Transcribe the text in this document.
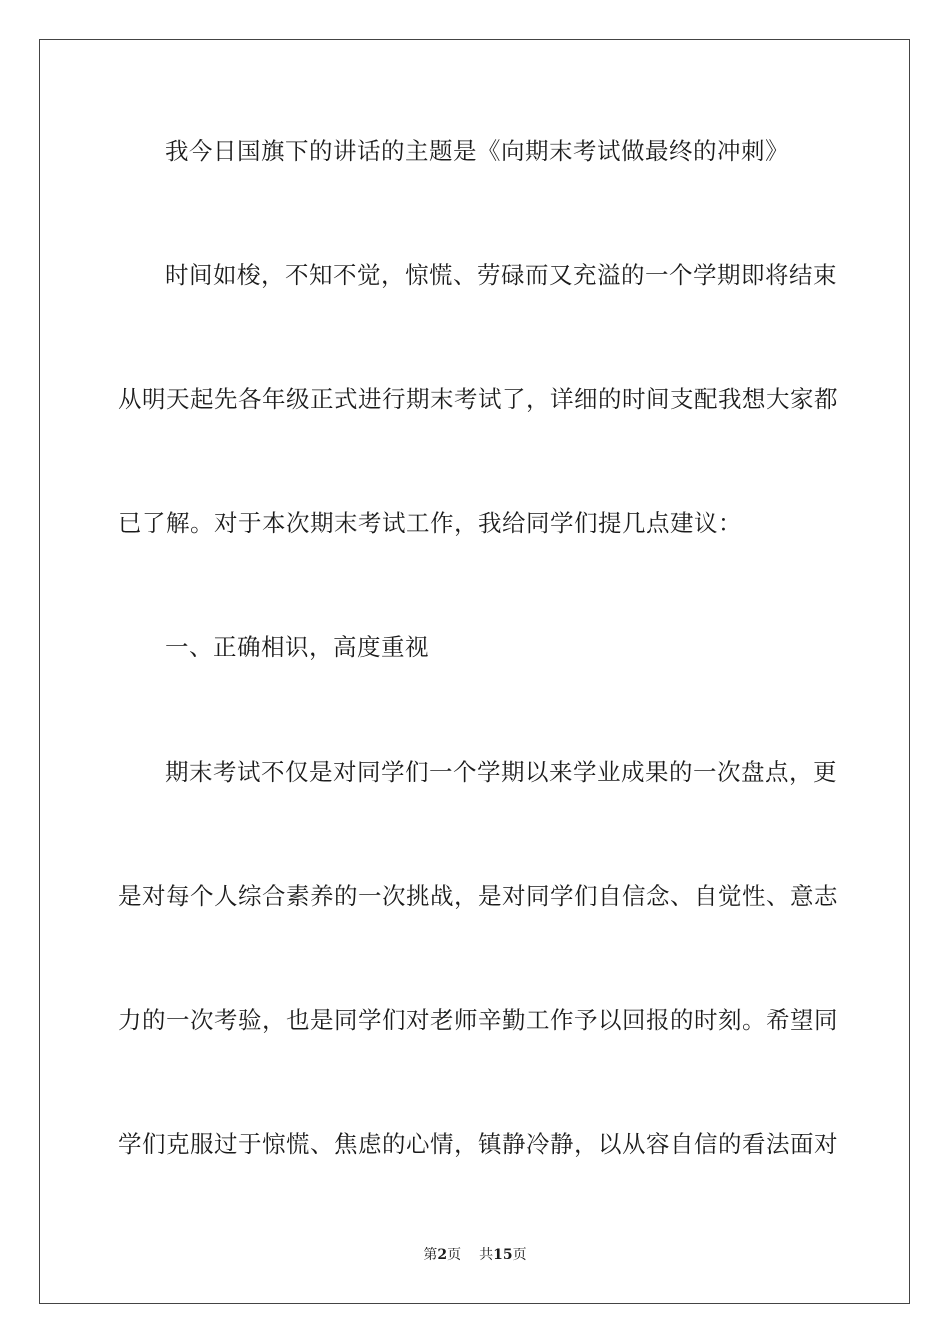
我今日国旗下的讲话的主题是《向期末考试做最终的冲刺》
时间如梭，不知不觉，惊慌、劳碌而又充溢的一个学期即将结束
从明天起先各年级正式进行期末考试了，详细的时间支配我想大家都
已了解。对于本次期末考试工作，我给同学们提几点建议：
一、正确相识，高度重视
期末考试不仅是对同学们一个学期以来学业成果的一次盘点，更
是对每个人综合素养的一次挑战，是对同学们自信念、自觉性、意志
力的一次考验，也是同学们对老师辛勤工作予以回报的时刻。希望同
学们克服过于惊慌、焦虑的心情，镇静冷静，以从容自信的看法面对
第2页 共15页
